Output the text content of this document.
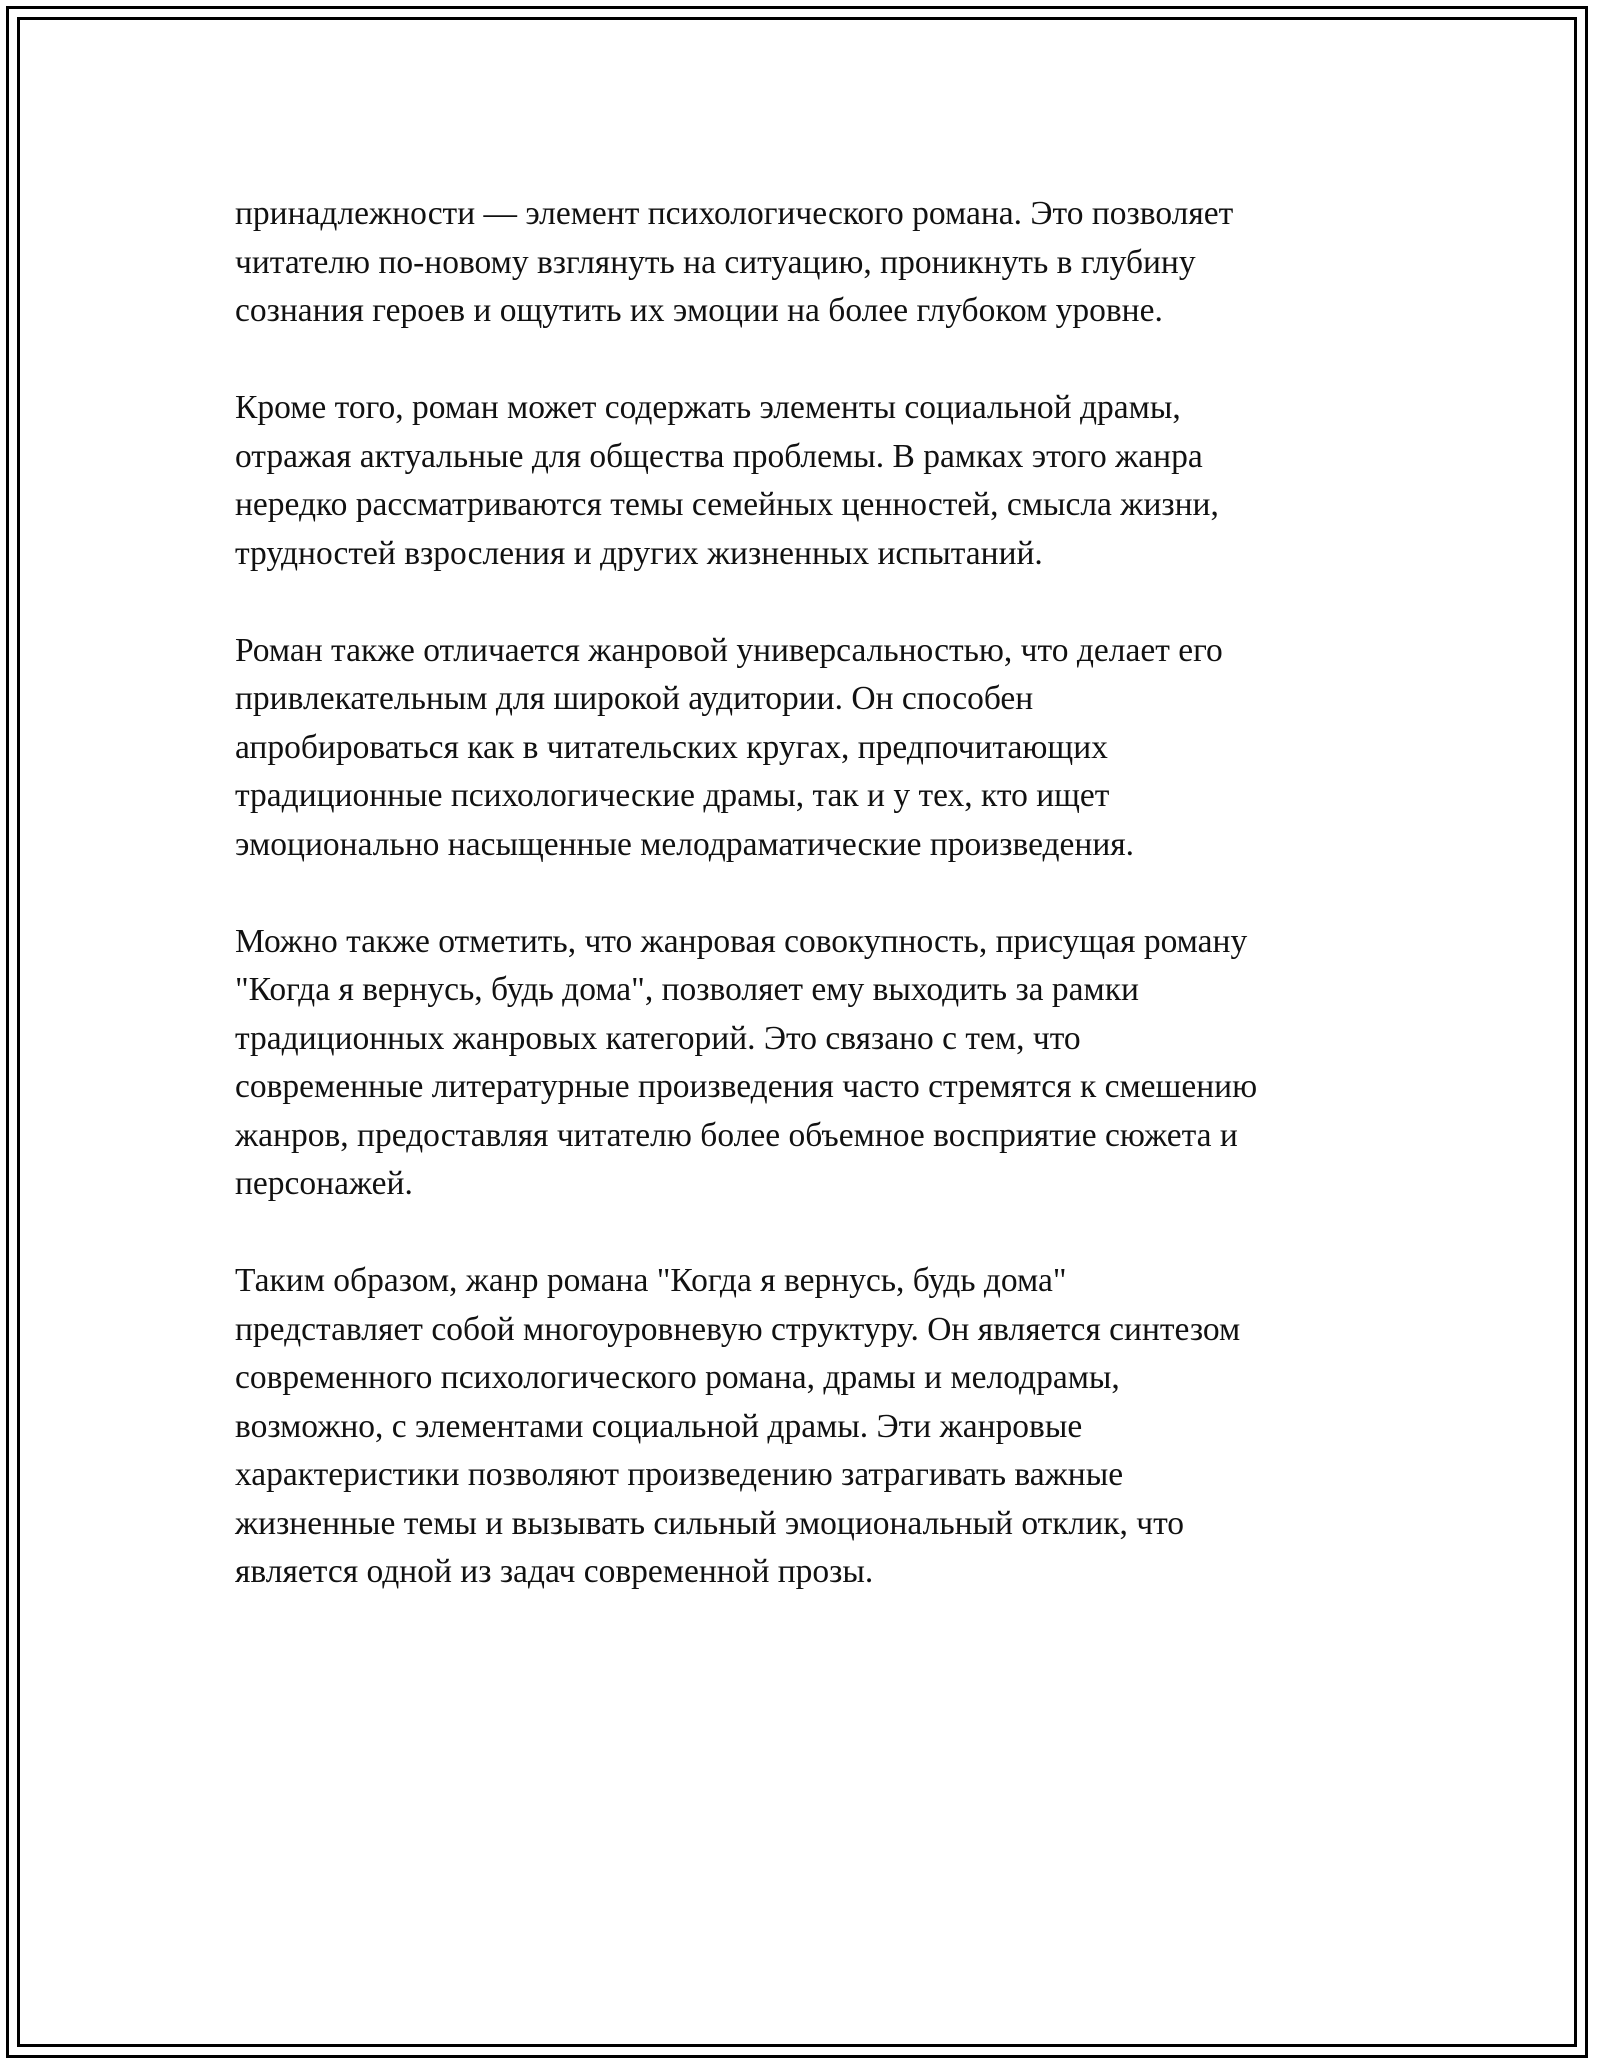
принадлежности — элемент психологического романа. Это позволяет
читателю по-новому взглянуть на ситуацию, проникнуть в глубину
сознания героев и ощутить их эмоции на более глубоком уровне.

Кроме того, роман может содержать элементы социальной драмы,
отражая актуальные для общества проблемы. В рамках этого жанра
нередко рассматриваются темы семейных ценностей, смысла жизни,
трудностей взросления и других жизненных испытаний.

Роман также отличается жанровой универсальностью, что делает его
привлекательным для широкой аудитории. Он способен
апробироваться как в читательских кругах, предпочитающих
традиционные психологические драмы, так и у тех, кто ищет
эмоционально насыщенные мелодраматические произведения.

Можно также отметить, что жанровая совокупность, присущая роману
"Когда я вернусь, будь дома", позволяет ему выходить за рамки
традиционных жанровых категорий. Это связано с тем, что
современные литературные произведения часто стремятся к смешению
жанров, предоставляя читателю более объемное восприятие сюжета и
персонажей.

Таким образом, жанр романа "Когда я вернусь, будь дома"
представляет собой многоуровневую структуру. Он является синтезом
современного психологического романа, драмы и мелодрамы,
возможно, с элементами социальной драмы. Эти жанровые
характеристики позволяют произведению затрагивать важные
жизненные темы и вызывать сильный эмоциональный отклик, что
является одной из задач современной прозы.
